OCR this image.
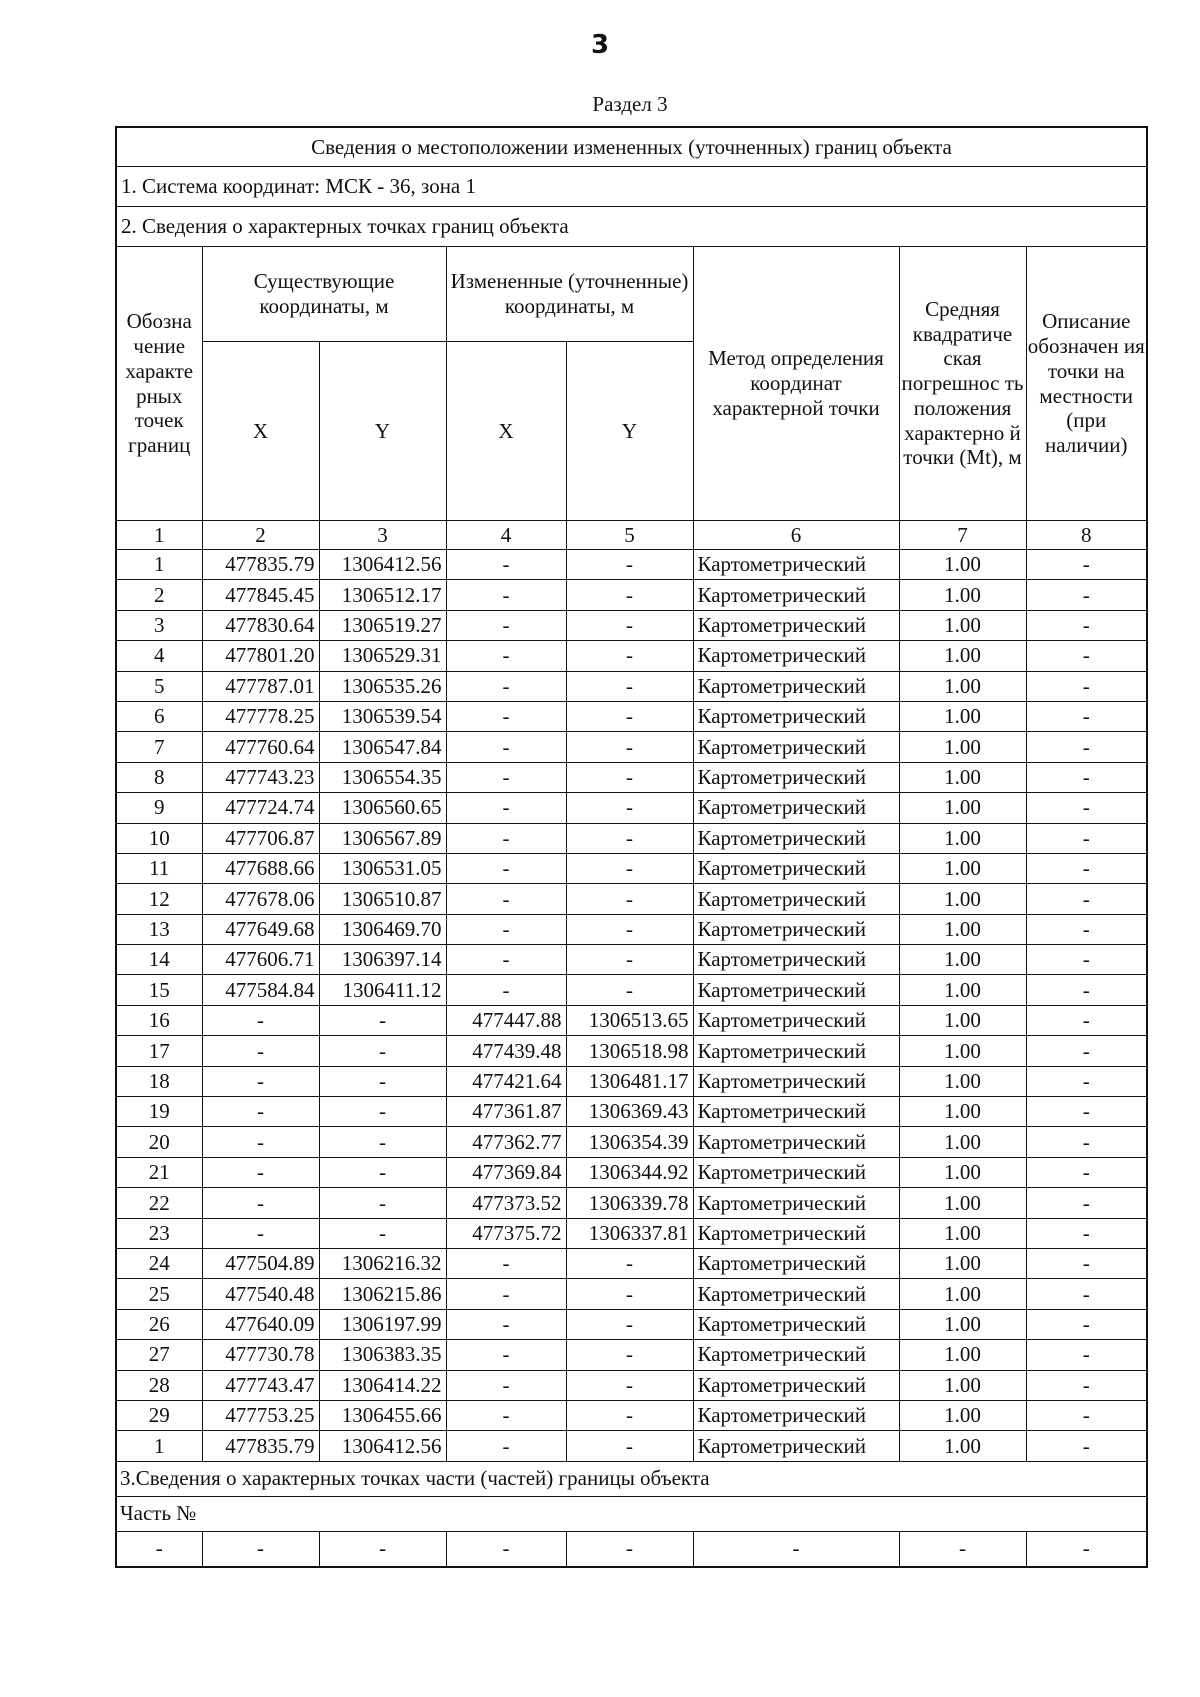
3
Раздел 3
Сведения о местоположении измененных (уточненных) границ объекта							
1. Система координат: МСК - 36, зона 1							
2. Сведения о характерных точках границ объекта							
Обозна чение характе рных точек границ	Существующие координаты, м		Измененные (уточненные) координаты, м		Метод определения координат характерной точки	Средняя квадратиче ская погрешнос ть положения характерно й точки (Mt), м	Описание обозначен ия точки на местности (при наличии)
	X	Y	X	Y			
1	2	3	4	5	6	7	8
1	477835.79	1306412.56	-	-	Картометрический	1.00	-
2	477845.45	1306512.17	-	-	Картометрический	1.00	-
3	477830.64	1306519.27	-	-	Картометрический	1.00	-
4	477801.20	1306529.31	-	-	Картометрический	1.00	-
5	477787.01	1306535.26	-	-	Картометрический	1.00	-
6	477778.25	1306539.54	-	-	Картометрический	1.00	-
7	477760.64	1306547.84	-	-	Картометрический	1.00	-
8	477743.23	1306554.35	-	-	Картометрический	1.00	-
9	477724.74	1306560.65	-	-	Картометрический	1.00	-
10	477706.87	1306567.89	-	-	Картометрический	1.00	-
11	477688.66	1306531.05	-	-	Картометрический	1.00	-
12	477678.06	1306510.87	-	-	Картометрический	1.00	-
13	477649.68	1306469.70	-	-	Картометрический	1.00	-
14	477606.71	1306397.14	-	-	Картометрический	1.00	-
15	477584.84	1306411.12	-	-	Картометрический	1.00	-
16	-	-	477447.88	1306513.65	Картометрический	1.00	-
17	-	-	477439.48	1306518.98	Картометрический	1.00	-
18	-	-	477421.64	1306481.17	Картометрический	1.00	-
19	-	-	477361.87	1306369.43	Картометрический	1.00	-
20	-	-	477362.77	1306354.39	Картометрический	1.00	-
21	-	-	477369.84	1306344.92	Картометрический	1.00	-
22	-	-	477373.52	1306339.78	Картометрический	1.00	-
23	-	-	477375.72	1306337.81	Картометрический	1.00	-
24	477504.89	1306216.32	-	-	Картометрический	1.00	-
25	477540.48	1306215.86	-	-	Картометрический	1.00	-
26	477640.09	1306197.99	-	-	Картометрический	1.00	-
27	477730.78	1306383.35	-	-	Картометрический	1.00	-
28	477743.47	1306414.22	-	-	Картометрический	1.00	-
29	477753.25	1306455.66	-	-	Картометрический	1.00	-
1	477835.79	1306412.56	-	-	Картометрический	1.00	-
3.Сведения о характерных точках части (частей) границы объекта							
Часть №							
-	-	-	-	-	-	-	-
